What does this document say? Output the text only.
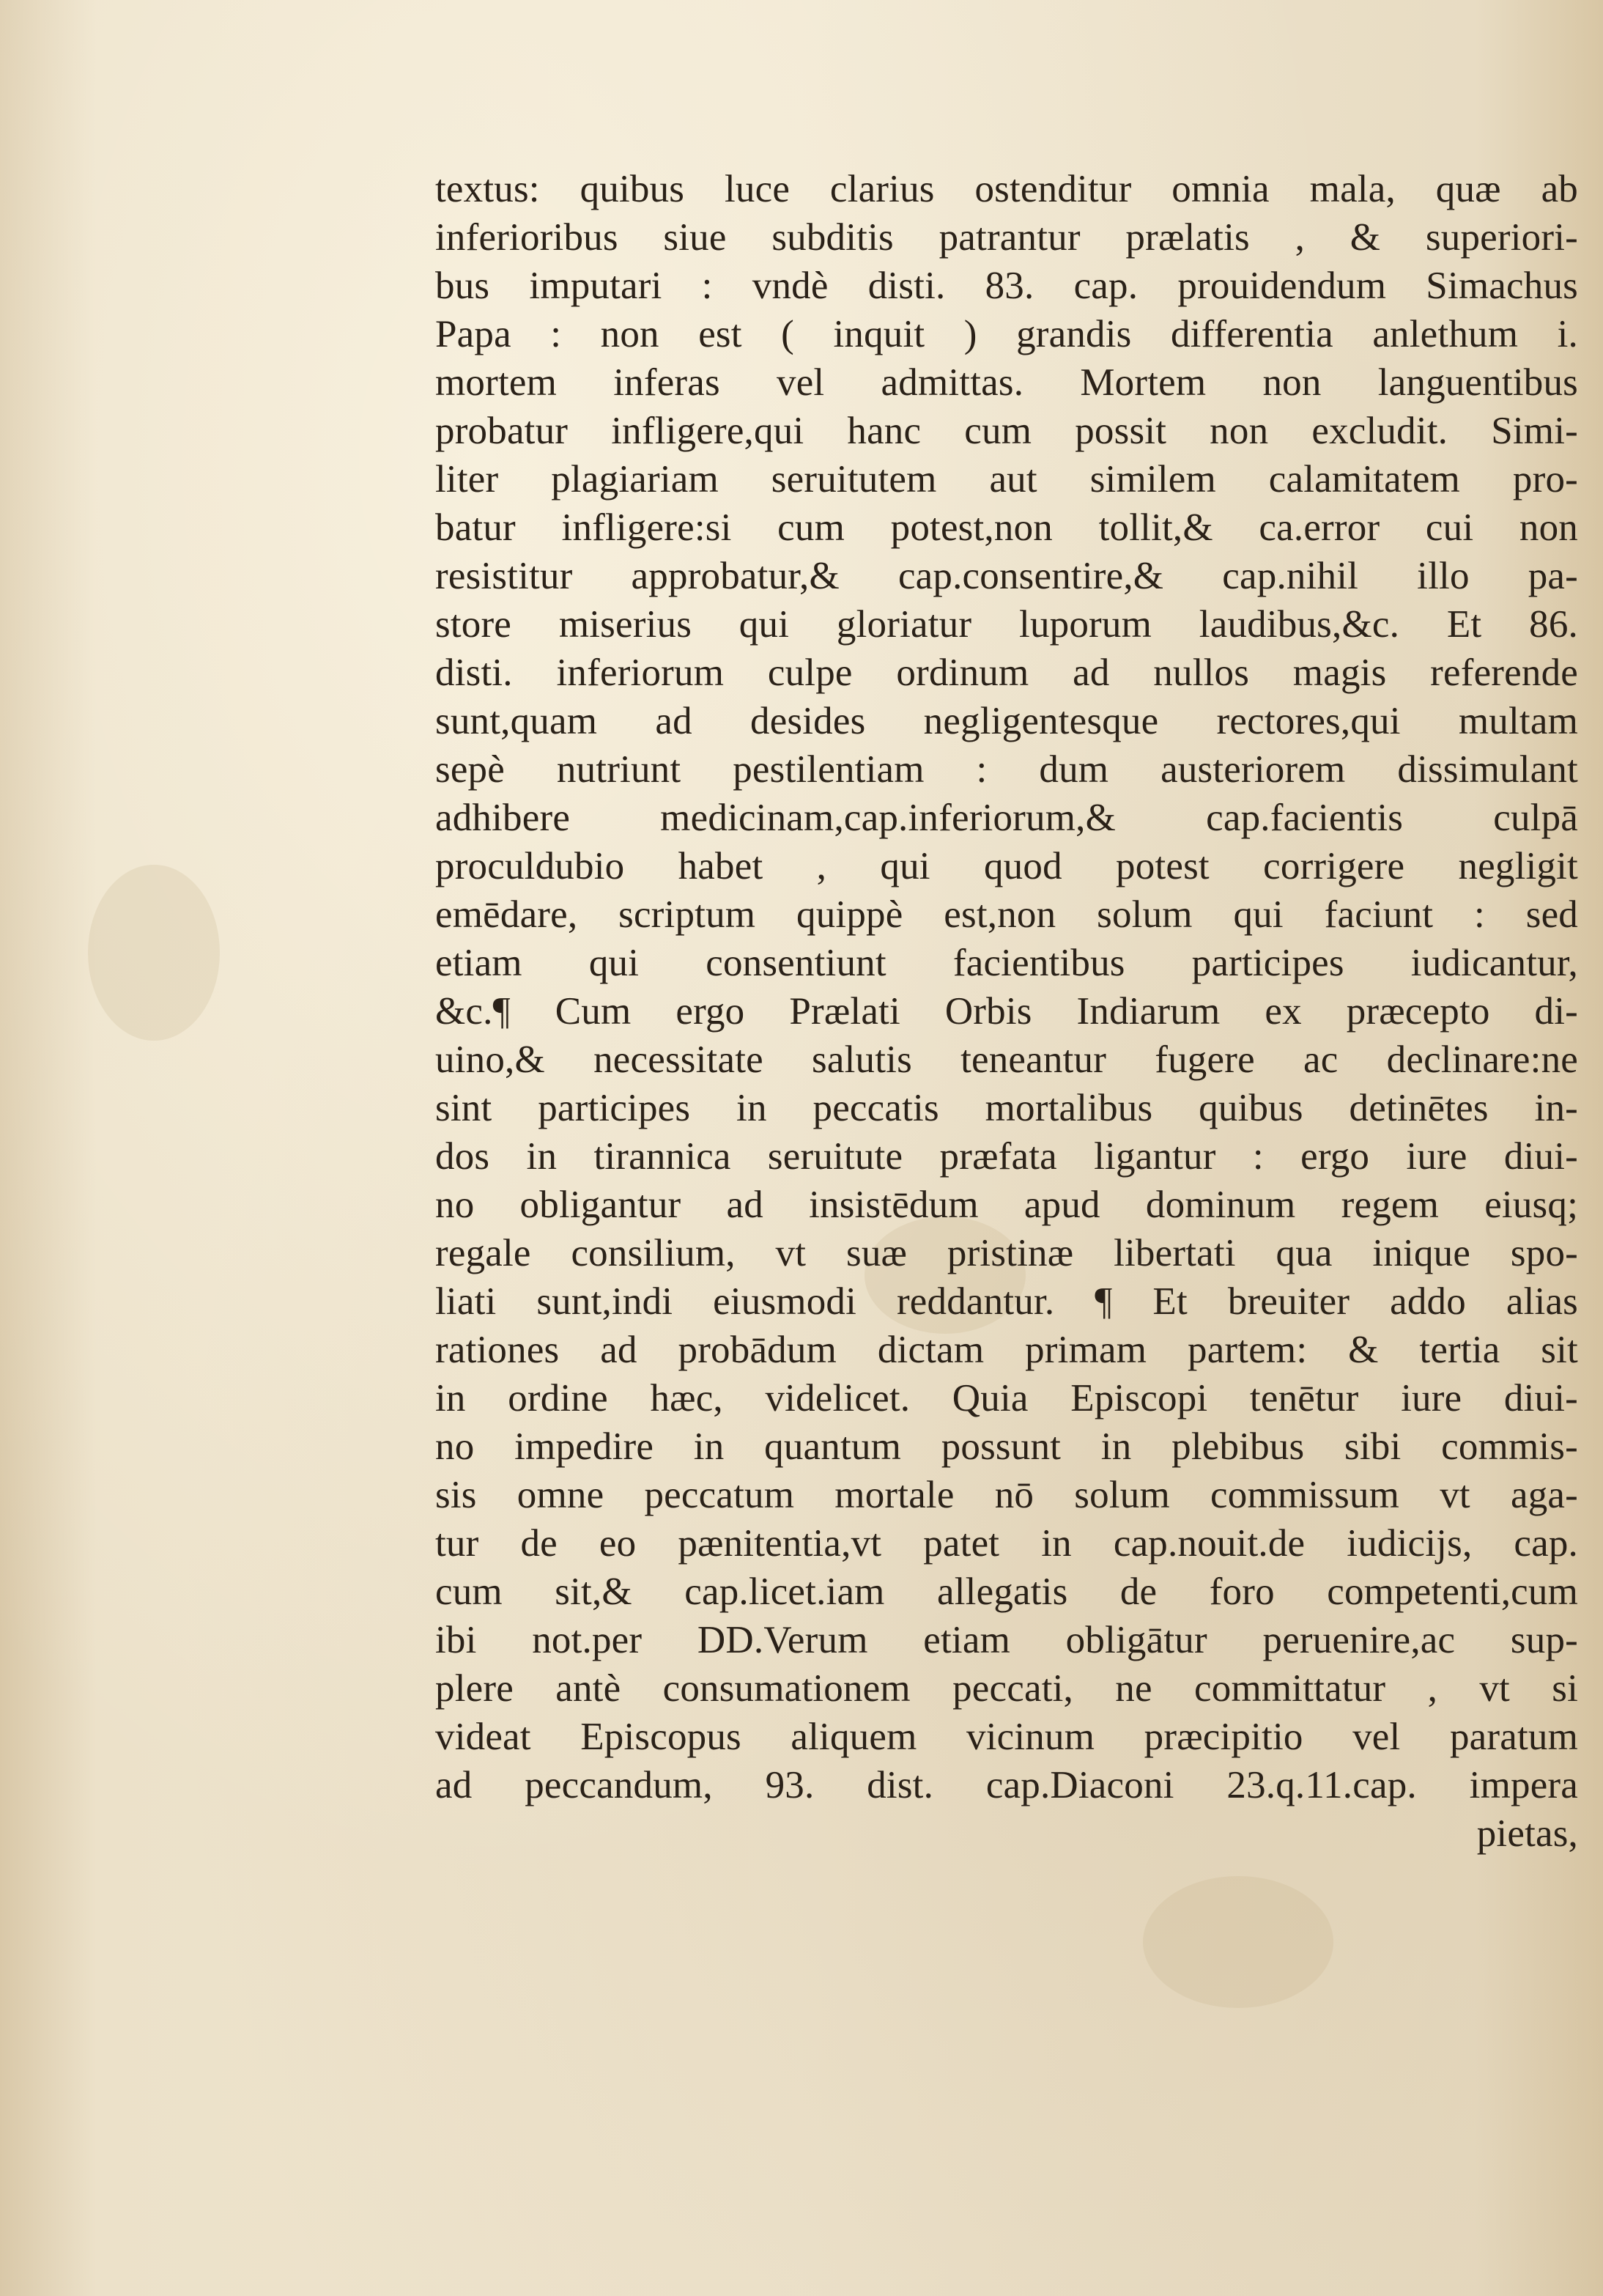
textus: quibus luce clarius ostenditur omnia mala, quæ ab
inferioribus siue subditis patrantur prælatis , & superiori-
bus imputari : vndè disti. 83. cap. prouidendum Simachus
Papa : non est ( inquit ) grandis differentia anlethum i.
mortem inferas vel admittas. Mortem non languentibus
probatur infligere,qui hanc cum possit non excludit. Simi-
liter plagiariam seruitutem aut similem calamitatem pro-
batur infligere:si cum potest,non tollit,& ca.error cui non
resistitur approbatur,& cap.consentire,& cap.nihil illo pa-
store miserius qui gloriatur luporum laudibus,&c. Et 86.
disti. inferiorum culpe ordinum ad nullos magis referende
sunt,quam ad desides negligentesque rectores,qui multam
sepè nutriunt pestilentiam : dum austeriorem dissimulant
adhibere medicinam,cap.inferiorum,& cap.facientis culpā
proculdubio habet , qui quod potest corrigere negligit
emēdare, scriptum quippè est,non solum qui faciunt : sed
etiam qui consentiunt facientibus participes iudicantur,
&c.¶ Cum ergo Prælati Orbis Indiarum ex præcepto di-
uino,& necessitate salutis teneantur fugere ac declinare:ne
sint participes in peccatis mortalibus quibus detinētes in-
dos in tirannica seruitute præfata ligantur : ergo iure diui-
no obligantur ad insistēdum apud dominum regem eiusq;
regale consilium, vt suæ pristinæ libertati qua inique spo-
liati sunt,indi eiusmodi reddantur. ¶ Et breuiter addo alias
rationes ad probādum dictam primam partem: & tertia sit
in ordine hæc, videlicet. Quia Episcopi tenētur iure diui-
no impedire in quantum possunt in plebibus sibi commis-
sis omne peccatum mortale nō solum commissum vt aga-
tur de eo pænitentia,vt patet in cap.nouit.de iudicijs, cap.
cum sit,& cap.licet.iam allegatis de foro competenti,cum
ibi not.per DD.Verum etiam obligātur peruenire,ac sup-
plere antè consumationem peccati, ne committatur , vt si
videat Episcopus aliquem vicinum præcipitio vel paratum
ad peccandum, 93. dist. cap.Diaconi 23.q.11.cap. impera
pietas,
